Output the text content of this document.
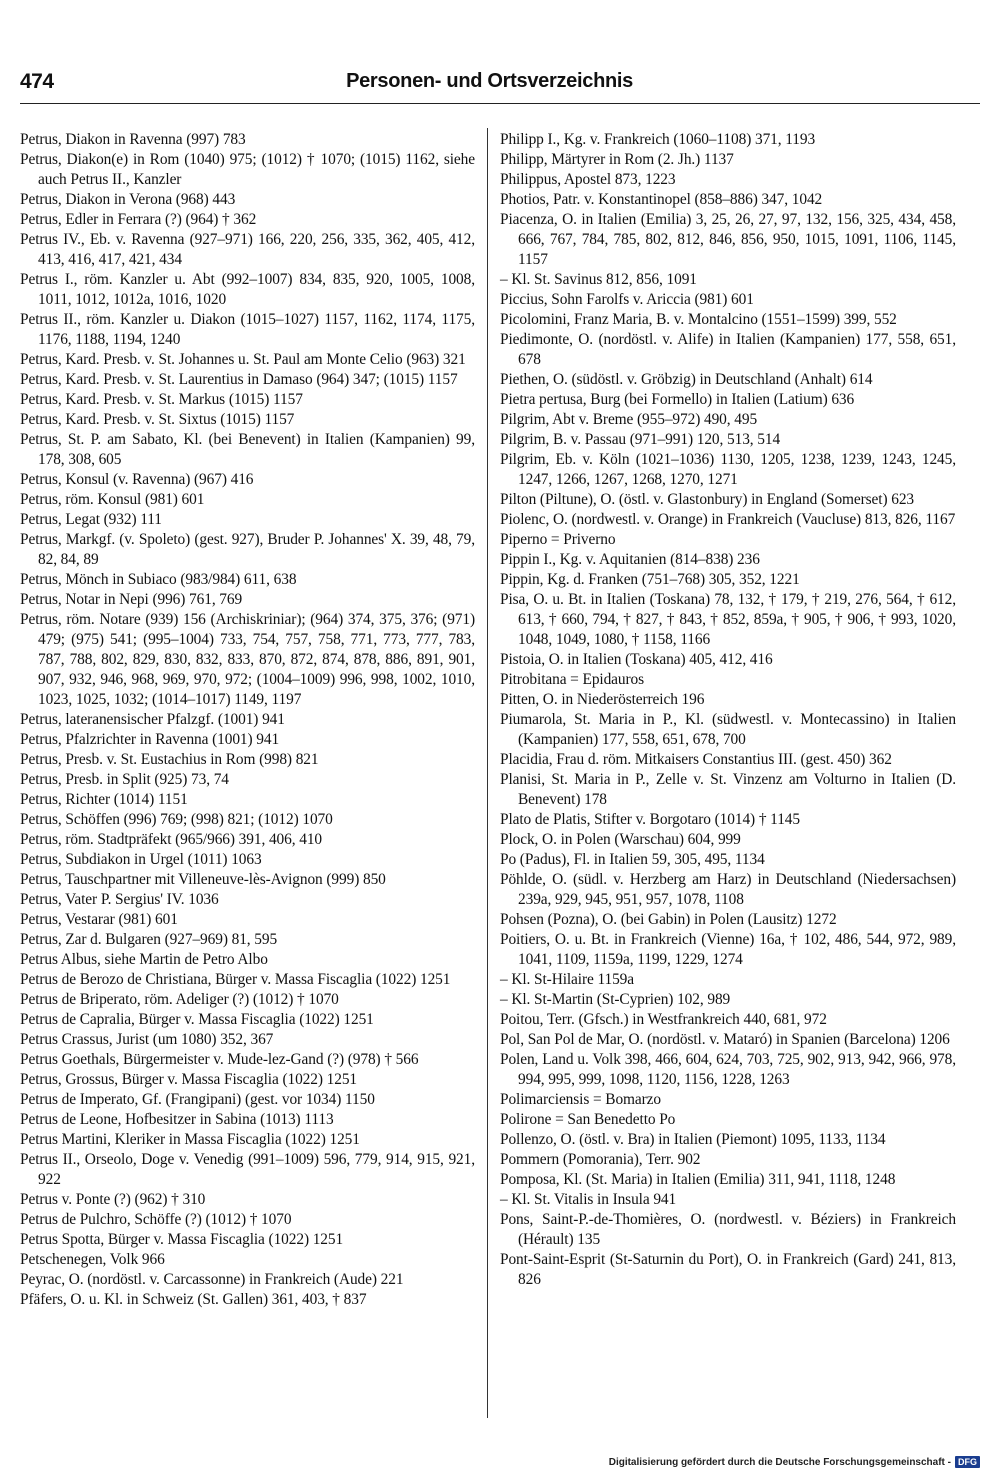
474	Personen- und Ortsverzeichnis
Petrus, Diakon in Ravenna (997) 783
Petrus, Diakon(e) in Rom (1040) 975; (1012) † 1070; (1015) 1162, siehe auch Petrus II., Kanzler
Petrus, Diakon in Verona (968) 443
Petrus, Edler in Ferrara (?) (964) † 362
Petrus IV., Eb. v. Ravenna (927–971) 166, 220, 256, 335, 362, 405, 412, 413, 416, 417, 421, 434
Petrus I., röm. Kanzler u. Abt (992–1007) 834, 835, 920, 1005, 1008, 1011, 1012, 1012a, 1016, 1020
Petrus II., röm. Kanzler u. Diakon (1015–1027) 1157, 1162, 1174, 1175, 1176, 1188, 1194, 1240
Petrus, Kard. Presb. v. St. Johannes u. St. Paul am Monte Celio (963) 321
Petrus, Kard. Presb. v. St. Laurentius in Damaso (964) 347; (1015) 1157
Petrus, Kard. Presb. v. St. Markus (1015) 1157
Petrus, Kard. Presb. v. St. Sixtus (1015) 1157
Petrus, St. P. am Sabato, Kl. (bei Benevent) in Italien (Kampanien) 99, 178, 308, 605
Petrus, Konsul (v. Ravenna) (967) 416
Petrus, röm. Konsul (981) 601
Petrus, Legat (932) 111
Petrus, Markgf. (v. Spoleto) (gest. 927), Bruder P. Johannes' X. 39, 48, 79, 82, 84, 89
Petrus, Mönch in Subiaco (983/984) 611, 638
Petrus, Notar in Nepi (996) 761, 769
Petrus, röm. Notare (939) 156 (Archiskriniar); (964) 374, 375, 376; (971) 479; (975) 541; (995–1004) 733, 754, 757, 758, 771, 773, 777, 783, 787, 788, 802, 829, 830, 832, 833, 870, 872, 874, 878, 886, 891, 901, 907, 932, 946, 968, 969, 970, 972; (1004–1009) 996, 998, 1002, 1010, 1023, 1025, 1032; (1014–1017) 1149, 1197
Petrus, lateranensischer Pfalzgf. (1001) 941
Petrus, Pfalzrichter in Ravenna (1001) 941
Petrus, Presb. v. St. Eustachius in Rom (998) 821
Petrus, Presb. in Split (925) 73, 74
Petrus, Richter (1014) 1151
Petrus, Schöffen (996) 769; (998) 821; (1012) 1070
Petrus, röm. Stadtpräfekt (965/966) 391, 406, 410
Petrus, Subdiakon in Urgel (1011) 1063
Petrus, Tauschpartner mit Villeneuve-lès-Avignon (999) 850
Petrus, Vater P. Sergius' IV. 1036
Petrus, Vestarar (981) 601
Petrus, Zar d. Bulgaren (927–969) 81, 595
Petrus Albus, siehe Martin de Petro Albo
Petrus de Berozo de Christiana, Bürger v. Massa Fiscaglia (1022) 1251
Petrus de Briperato, röm. Adeliger (?) (1012) † 1070
Petrus de Capralia, Bürger v. Massa Fiscaglia (1022) 1251
Petrus Crassus, Jurist (um 1080) 352, 367
Petrus Goethals, Bürgermeister v. Mude-lez-Gand (?) (978) † 566
Petrus, Grossus, Bürger v. Massa Fiscaglia (1022) 1251
Petrus de Imperato, Gf. (Frangipani) (gest. vor 1034) 1150
Petrus de Leone, Hofbesitzer in Sabina (1013) 1113
Petrus Martini, Kleriker in Massa Fiscaglia (1022) 1251
Petrus II., Orseolo, Doge v. Venedig (991–1009) 596, 779, 914, 915, 921, 922
Petrus v. Ponte (?) (962) † 310
Petrus de Pulchro, Schöffe (?) (1012) † 1070
Petrus Spotta, Bürger v. Massa Fiscaglia (1022) 1251
Petschenegen, Volk 966
Peyrac, O. (nordöstl. v. Carcassonne) in Frankreich (Aude) 221
Pfäfers, O. u. Kl. in Schweiz (St. Gallen) 361, 403, † 837
Philipp I., Kg. v. Frankreich (1060–1108) 371, 1193
Philipp, Märtyrer in Rom (2. Jh.) 1137
Philippus, Apostel 873, 1223
Photios, Patr. v. Konstantinopel (858–886) 347, 1042
Piacenza, O. in Italien (Emilia) 3, 25, 26, 27, 97, 132, 156, 325, 434, 458, 666, 767, 784, 785, 802, 812, 846, 856, 950, 1015, 1091, 1106, 1145, 1157
– Kl. St. Savinus 812, 856, 1091
Piccius, Sohn Farolfs v. Ariccia (981) 601
Picolomini, Franz Maria, B. v. Montalcino (1551–1599) 399, 552
Piedimonte, O. (nordöstl. v. Alife) in Italien (Kampanien) 177, 558, 651, 678
Piethen, O. (südöstl. v. Gröbzig) in Deutschland (Anhalt) 614
Pietra pertusa, Burg (bei Formello) in Italien (Latium) 636
Pilgrim, Abt v. Breme (955–972) 490, 495
Pilgrim, B. v. Passau (971–991) 120, 513, 514
Pilgrim, Eb. v. Köln (1021–1036) 1130, 1205, 1238, 1239, 1243, 1245, 1247, 1266, 1267, 1268, 1270, 1271
Pilton (Piltune), O. (östl. v. Glastonbury) in England (Somerset) 623
Piolenc, O. (nordwestl. v. Orange) in Frankreich (Vaucluse) 813, 826, 1167
Piperno = Priverno
Pippin I., Kg. v. Aquitanien (814–838) 236
Pippin, Kg. d. Franken (751–768) 305, 352, 1221
Pisa, O. u. Bt. in Italien (Toskana) 78, 132, † 179, † 219, 276, 564, † 612, 613, † 660, 794, † 827, † 843, † 852, 859a, † 905, † 906, † 993, 1020, 1048, 1049, 1080, † 1158, 1166
Pistoia, O. in Italien (Toskana) 405, 412, 416
Pitrobitana = Epidauros
Pitten, O. in Niederösterreich 196
Piumarola, St. Maria in P., Kl. (südwestl. v. Montecassino) in Italien (Kampanien) 177, 558, 651, 678, 700
Placidia, Frau d. röm. Mitkaisers Constantius III. (gest. 450) 362
Planisi, St. Maria in P., Zelle v. St. Vinzenz am Volturno in Italien (D. Benevent) 178
Plato de Platis, Stifter v. Borgotaro (1014) † 1145
Plock, O. in Polen (Warschau) 604, 999
Po (Padus), Fl. in Italien 59, 305, 495, 1134
Pöhlde, O. (südl. v. Herzberg am Harz) in Deutschland (Niedersachsen) 239a, 929, 945, 951, 957, 1078, 1108
Pohsen (Pozna), O. (bei Gabin) in Polen (Lausitz) 1272
Poitiers, O. u. Bt. in Frankreich (Vienne) 16a, † 102, 486, 544, 972, 989, 1041, 1109, 1159a, 1199, 1229, 1274
– Kl. St-Hilaire 1159a
– Kl. St-Martin (St-Cyprien) 102, 989
Poitou, Terr. (Gfsch.) in Westfrankreich 440, 681, 972
Pol, San Pol de Mar, O. (nordöstl. v. Mataró) in Spanien (Barcelona) 1206
Polen, Land u. Volk 398, 466, 604, 624, 703, 725, 902, 913, 942, 966, 978, 994, 995, 999, 1098, 1120, 1156, 1228, 1263
Polimarciensis = Bomarzo
Polirone = San Benedetto Po
Pollenzo, O. (östl. v. Bra) in Italien (Piemont) 1095, 1133, 1134
Pommern (Pomorania), Terr. 902
Pomposa, Kl. (St. Maria) in Italien (Emilia) 311, 941, 1118, 1248
– Kl. St. Vitalis in Insula 941
Pons, Saint-P.-de-Thomières, O. (nordwestl. v. Béziers) in Frankreich (Hérault) 135
Pont-Saint-Esprit (St-Saturnin du Port), O. in Frankreich (Gard) 241, 813, 826
Digitalisierung gefördert durch die Deutsche Forschungsgemeinschaft - DFG
